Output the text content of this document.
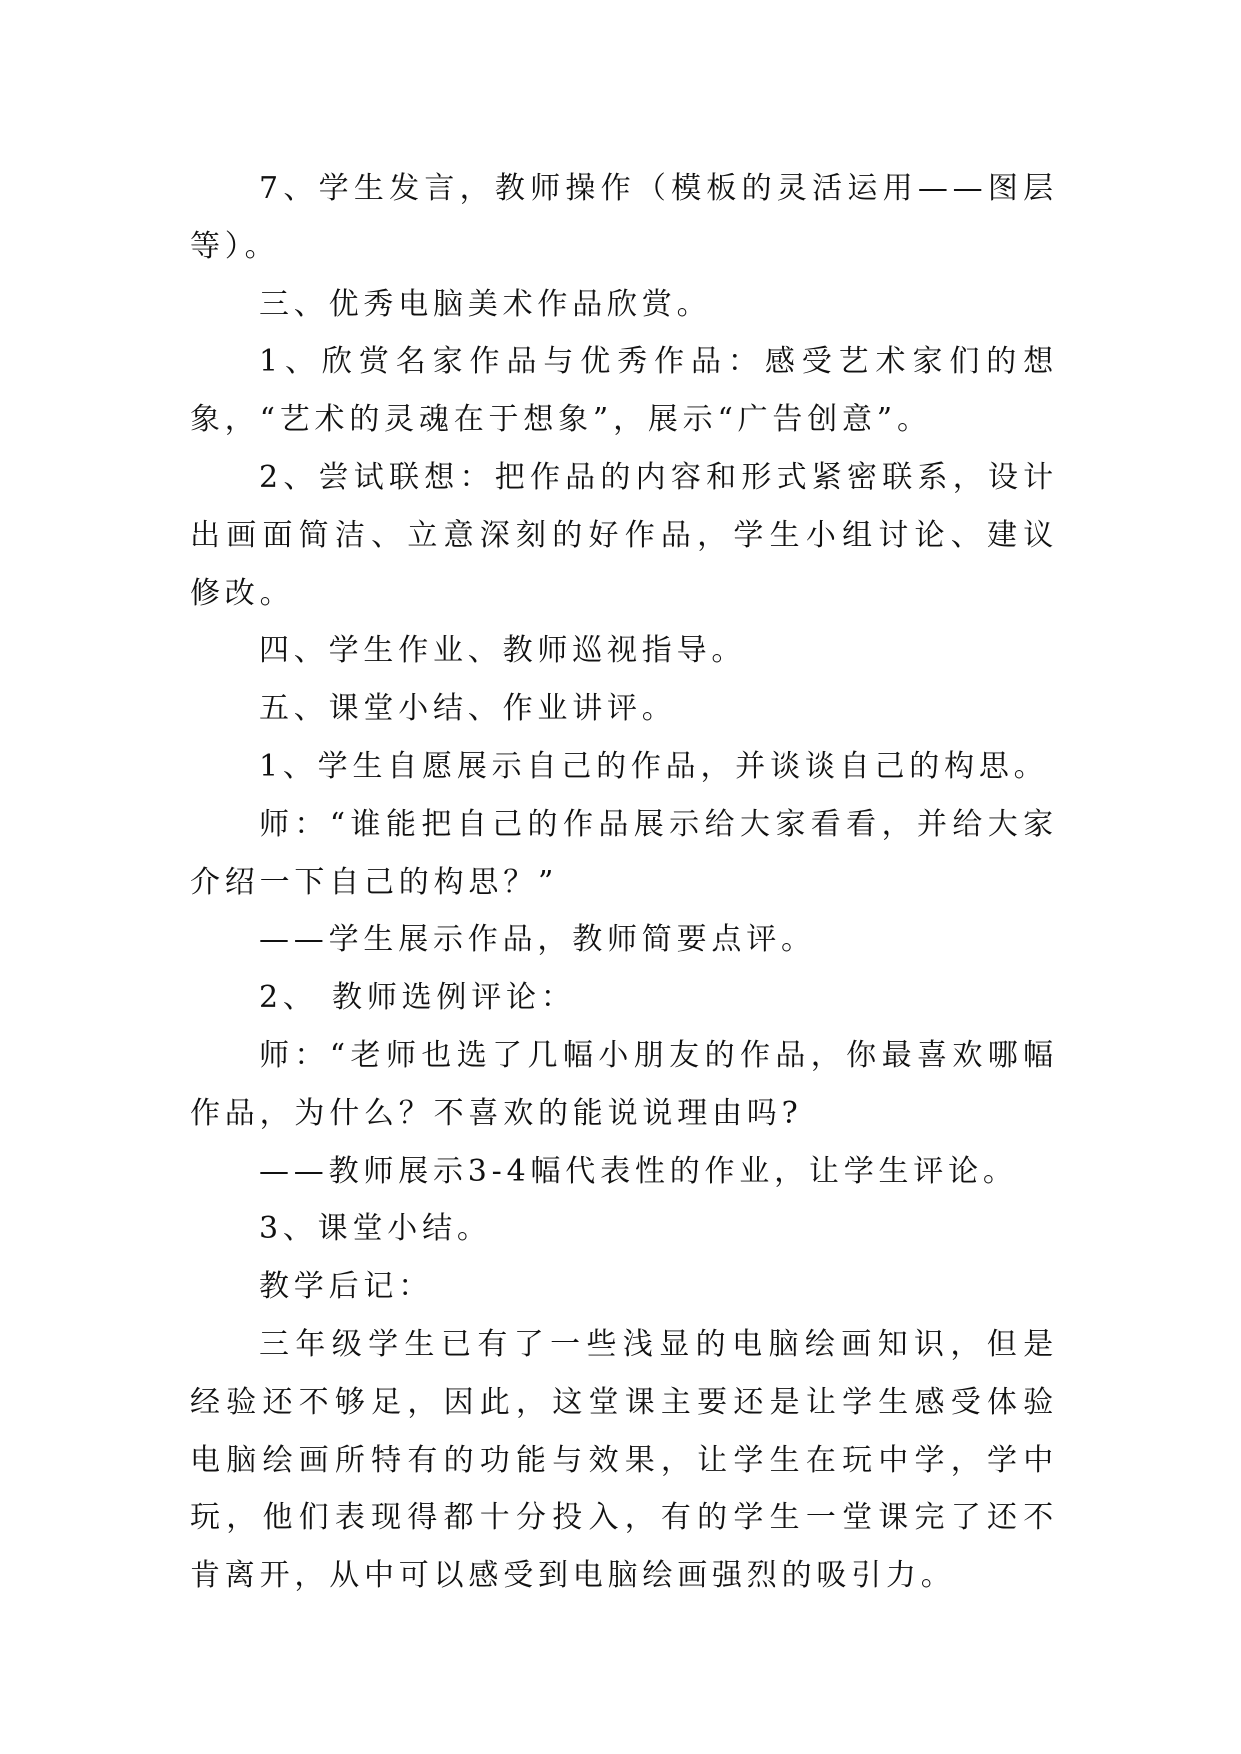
7、学生发言，教师操作（模板的灵活运用——图层等）。

三、优秀电脑美术作品欣赏。

1、欣赏名家作品与优秀作品：感受艺术家们的想象，“艺术的灵魂在于想象”，展示“广告创意”。

2、尝试联想：把作品的内容和形式紧密联系，设计出画面简洁、立意深刻的好作品，学生小组讨论、建议修改。

四、学生作业、教师巡视指导。

五、课堂小结、作业讲评。

1、学生自愿展示自己的作品，并谈谈自己的构思。

师：“谁能把自己的作品展示给大家看看，并给大家介绍一下自己的构思？”

——学生展示作品，教师简要点评。

2、 教师选例评论：

师：“老师也选了几幅小朋友的作品，你最喜欢哪幅作品，为什么？不喜欢的能说说理由吗?

——教师展示3-4幅代表性的作业，让学生评论。

3、课堂小结。

教学后记：

三年级学生已有了一些浅显的电脑绘画知识，但是经验还不够足，因此，这堂课主要还是让学生感受体验电脑绘画所特有的功能与效果，让学生在玩中学，学中玩，他们表现得都十分投入，有的学生一堂课完了还不肯离开，从中可以感受到电脑绘画强烈的吸引力。
